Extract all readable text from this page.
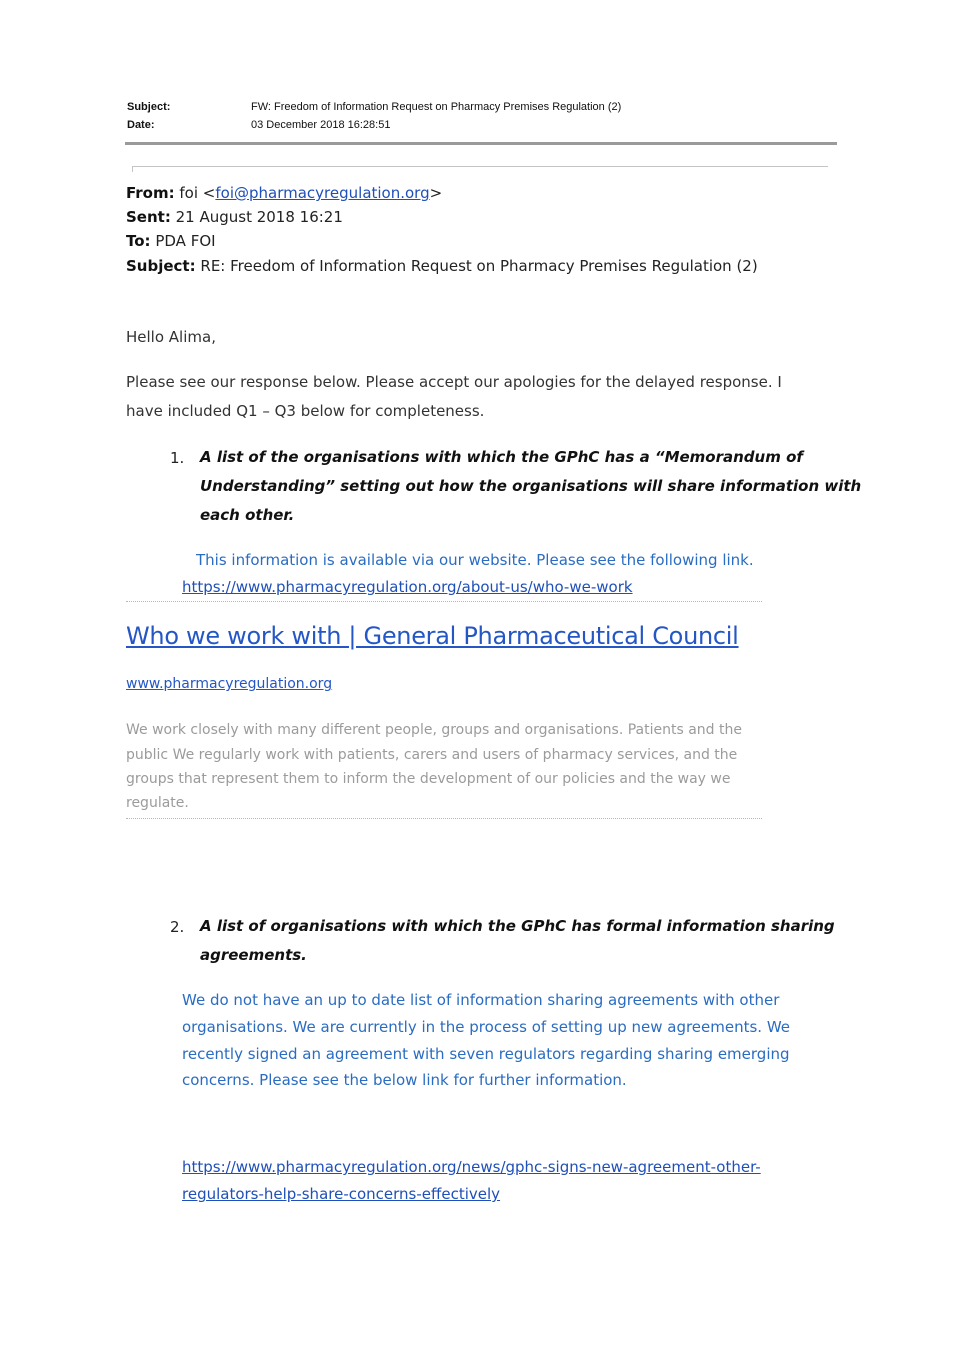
Subject:	FW: Freedom of Information Request on Pharmacy Premises Regulation (2)
Date:	03 December 2018 16:28:51
From: foi <foi@pharmacyregulation.org>
Sent: 21 August 2018 16:21
To: PDA FOI
Subject: RE: Freedom of Information Request on Pharmacy Premises Regulation (2)
Hello Alima,
Please see our response below. Please accept our apologies for the delayed response. I
have included Q1 – Q3 below for completeness.
1. A list of the organisations with which the GPhC has a “Memorandum of
Understanding” setting out how the organisations will share information with
each other.
This information is available via our website. Please see the following link.
https://www.pharmacyregulation.org/about-us/who-we-work
Who we work with | General Pharmaceutical Council
www.pharmacyregulation.org
We work closely with many different people, groups and organisations. Patients and the
public We regularly work with patients, carers and users of pharmacy services, and the
groups that represent them to inform the development of our policies and the way we
regulate.
2. A list of organisations with which the GPhC has formal information sharing
agreements.
We do not have an up to date list of information sharing agreements with other
organisations. We are currently in the process of setting up new agreements. We
recently signed an agreement with seven regulators regarding sharing emerging
concerns. Please see the below link for further information.
https://www.pharmacyregulation.org/news/gphc-signs-new-agreement-other-
regulators-help-share-concerns-effectively
